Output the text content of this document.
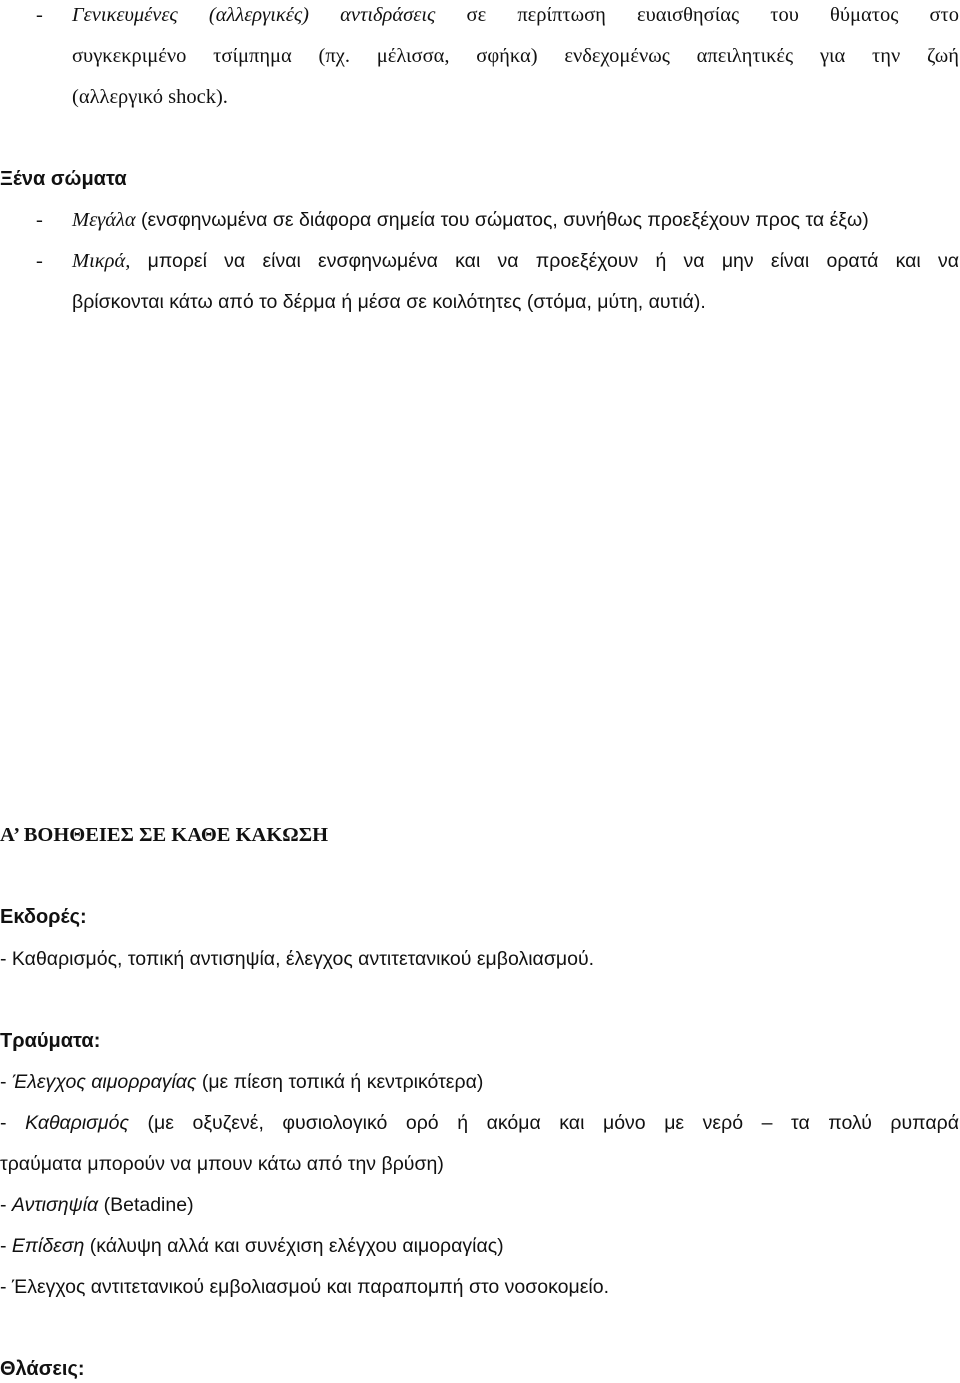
- Γενικευμένες (αλλεργικές) αντιδράσεις σε περίπτωση ευαισθησίας του θύματος στο
συγκεκριμένο τσίμπημα (πχ. μέλισσα, σφήκα) ενδεχομένως απειλητικές για την ζωή
(αλλεργικό shock).
Ξένα σώματα
- Μεγάλα (ενσφηνωμένα σε διάφορα σημεία του σώματος, συνήθως προεξέχουν προς τα έξω)
- Μικρά, μπορεί να είναι ενσφηνωμένα και να προεξέχουν ή να μην είναι ορατά και να
βρίσκονται κάτω από το δέρμα ή μέσα σε κοιλότητες (στόμα, μύτη, αυτιά).
Α’ ΒΟΗΘΕΙΕΣ ΣΕ ΚΑΘΕ ΚΑΚΩΣΗ
Εκδορές:
- Καθαρισμός, τοπική αντισηψία, έλεγχος αντιτετανικού εμβολιασμού.
Τραύματα:
- Έλεγχος αιμορραγίας (με πίεση τοπικά ή κεντρικότερα)
- Καθαρισμός (με οξυζενέ, φυσιολογικό ορό ή ακόμα και μόνο με νερό – τα πολύ ρυπαρά
τραύματα μπορούν να μπουν κάτω από την βρύση)
- Αντισηψία (Betadine)
- Επίδεση (κάλυψη αλλά και συνέχιση ελέγχου αιμοραγίας)
- Έλεγχος αντιτετανικού εμβολιασμού και παραπομπή στο νοσοκομείο.
Θλάσεις:
